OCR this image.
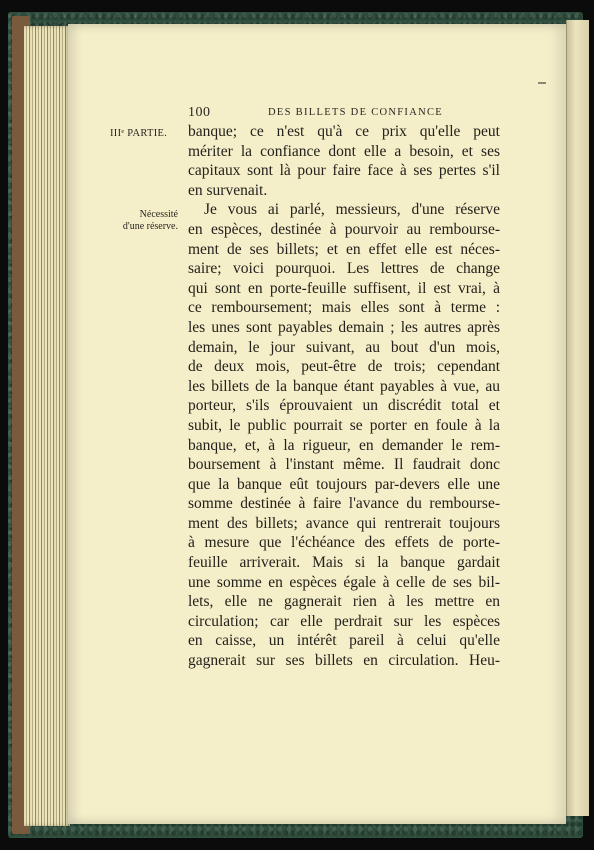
100	DES BILLETS DE CONFIANCE
IIIᵉ PARTIE.
Nécessité
d'une réserve.
banque; ce n'est qu'à ce prix qu'elle peut
mériter la confiance dont elle a besoin, et ses
capitaux sont là pour faire face à ses pertes s'il
en survenait.
Je vous ai parlé, messieurs, d'une réserve
en espèces, destinée à pourvoir au rembourse-
ment de ses billets; et en effet elle est néces-
saire; voici pourquoi. Les lettres de change
qui sont en porte-feuille suffisent, il est vrai, à
ce remboursement; mais elles sont à terme :
les unes sont payables demain ; les autres après
demain, le jour suivant, au bout d'un mois,
de deux mois, peut-être de trois; cependant
les billets de la banque étant payables à vue, au
porteur, s'ils éprouvaient un discrédit total et
subit, le public pourrait se porter en foule à la
banque, et, à la rigueur, en demander le rem-
boursement à l'instant même. Il faudrait donc
que la banque eût toujours par-devers elle une
somme destinée à faire l'avance du rembourse-
ment des billets; avance qui rentrerait toujours
à mesure que l'échéance des effets de porte-
feuille arriverait. Mais si la banque gardait
une somme en espèces égale à celle de ses bil-
lets, elle ne gagnerait rien à les mettre en
circulation; car elle perdrait sur les espèces
en caisse, un intérêt pareil à celui qu'elle
gagnerait sur ses billets en circulation. Heu-
